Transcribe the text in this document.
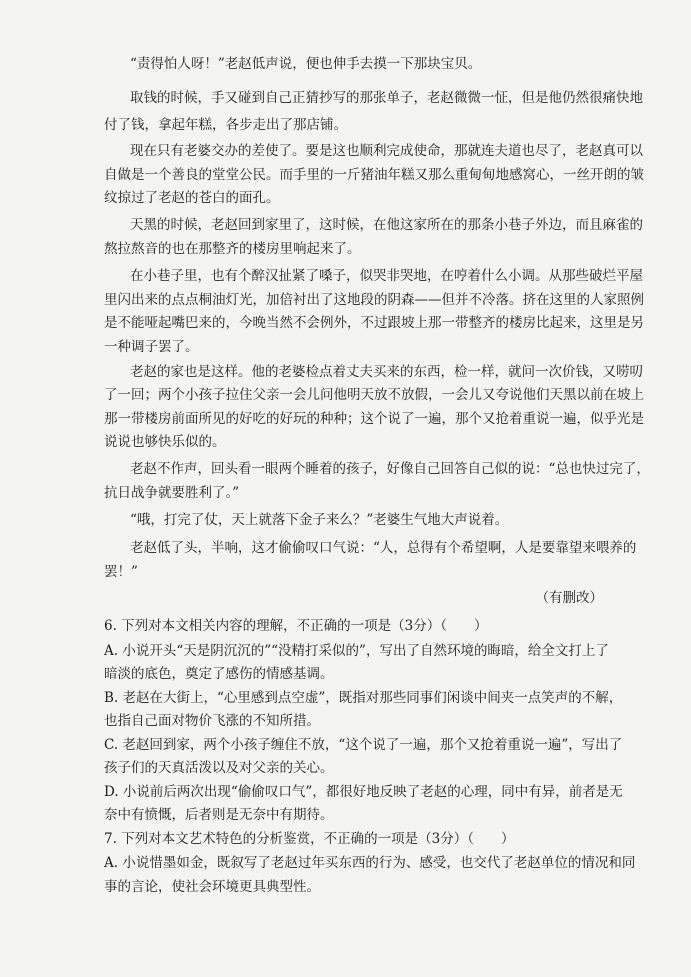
“责得怕人呀！”老赵低声说，便也伸手去摸一下那块宝贝。
取钱的时候，手又碰到自己正猜抄写的那张单子，老赵微微一怔，但是他仍然很痛快地
付了钱，拿起年糕，各步走出了那店铺。
现在只有老婆交办的差使了。要是这也顺利完成使命，那就连夫道也尽了，老赵真可以
自做是一个善良的堂堂公民。而手里的一斤猪油年糕又那么重甸甸地感窝心，一丝开朗的皱
纹掠过了老赵的苍白的面孔。
天黑的时候，老赵回到家里了，这时候，在他这家所在的那条小巷子外边，而且麻雀的
熬拉熬音的也在那整齐的楼房里响起来了。
在小巷子里，也有个醉汉扯紧了嗓子，似哭非哭地，在哼着什么小调。从那些破烂平屋
里闪出来的点点桐油灯光，加倍衬出了这地段的阴森——但并不冷落。挤在这里的人家照例
是不能哑起嘴巴来的，今晚当然不会例外，不过跟坡上那一带整齐的楼房比起来，这里是另
一种调子罢了。
老赵的家也是这样。他的老婆检点着丈夫买来的东西，检一样，就问一次价钱，又唠叨
了一回；两个小孩子拉住父亲一会儿问他明天放不放假，一会儿又夸说他们天黑以前在坡上
那一带楼房前面所见的好吃的好玩的种种；这个说了一遍，那个又抢着重说一遍，似乎光是
说说也够快乐似的。
老赵不作声，回头看一眼两个睡着的孩子，好像自己回答自己似的说：“总也快过完了，
抗日战争就要胜利了。”
“哦，打完了仗，天上就落下金子来么？”老婆生气地大声说着。
老赵低了头，半响，这才偷偷叹口气说：“人，总得有个希望啊，人是要靠望来喂养的
罢！”
（有删改）
6. 下列对本文相关内容的理解，不正确的一项是（3分）（　　）
A. 小说开头“天是阴沉沉的”“没精打采似的”，写出了自然环境的晦暗，给全文打上了
暗淡的底色，奠定了感伤的情感基调。
B. 老赵在大街上，“心里感到点空虚”，既指对那些同事们闲谈中间夹一点笑声的不解，
也指自己面对物价飞涨的不知所措。
C. 老赵回到家，两个小孩子缠住不放，“这个说了一遍，那个又抢着重说一遍”，写出了
孩子们的天真活泼以及对父亲的关心。
D. 小说前后两次出现“偷偷叹口气”，都很好地反映了老赵的心理，同中有异，前者是无
奈中有愤慨，后者则是无奈中有期待。
7. 下列对本文艺术特色的分析鉴赏，不正确的一项是（3分）（　　）
A. 小说惜墨如金，既叙写了老赵过年买东西的行为、感受，也交代了老赵单位的情况和同
事的言论，使社会环境更具典型性。
